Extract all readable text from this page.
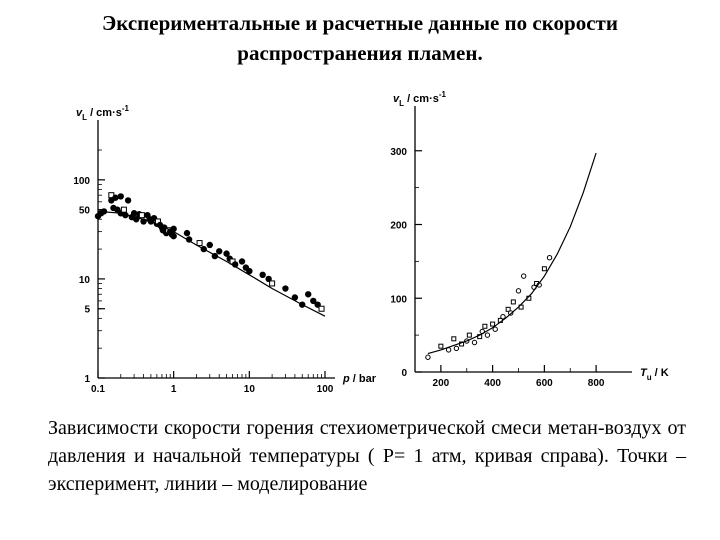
Экспериментальные и расчетные данные по скорости
распространения пламен.
0.1	1	10	100
1
5
10
50
100
$v_L / cm\cdot s^{-1}$
p / bar	200	400	600	800
0
100
200
300
$v_L / cm\cdot s^{-1}$
$T_u$ / K
Зависимости скорости горения стехиометрической смеси метан-воздух от давления и начальной температуры ( P= 1 атм, кривая справа). Точки – эксперимент, линии – моделирование
